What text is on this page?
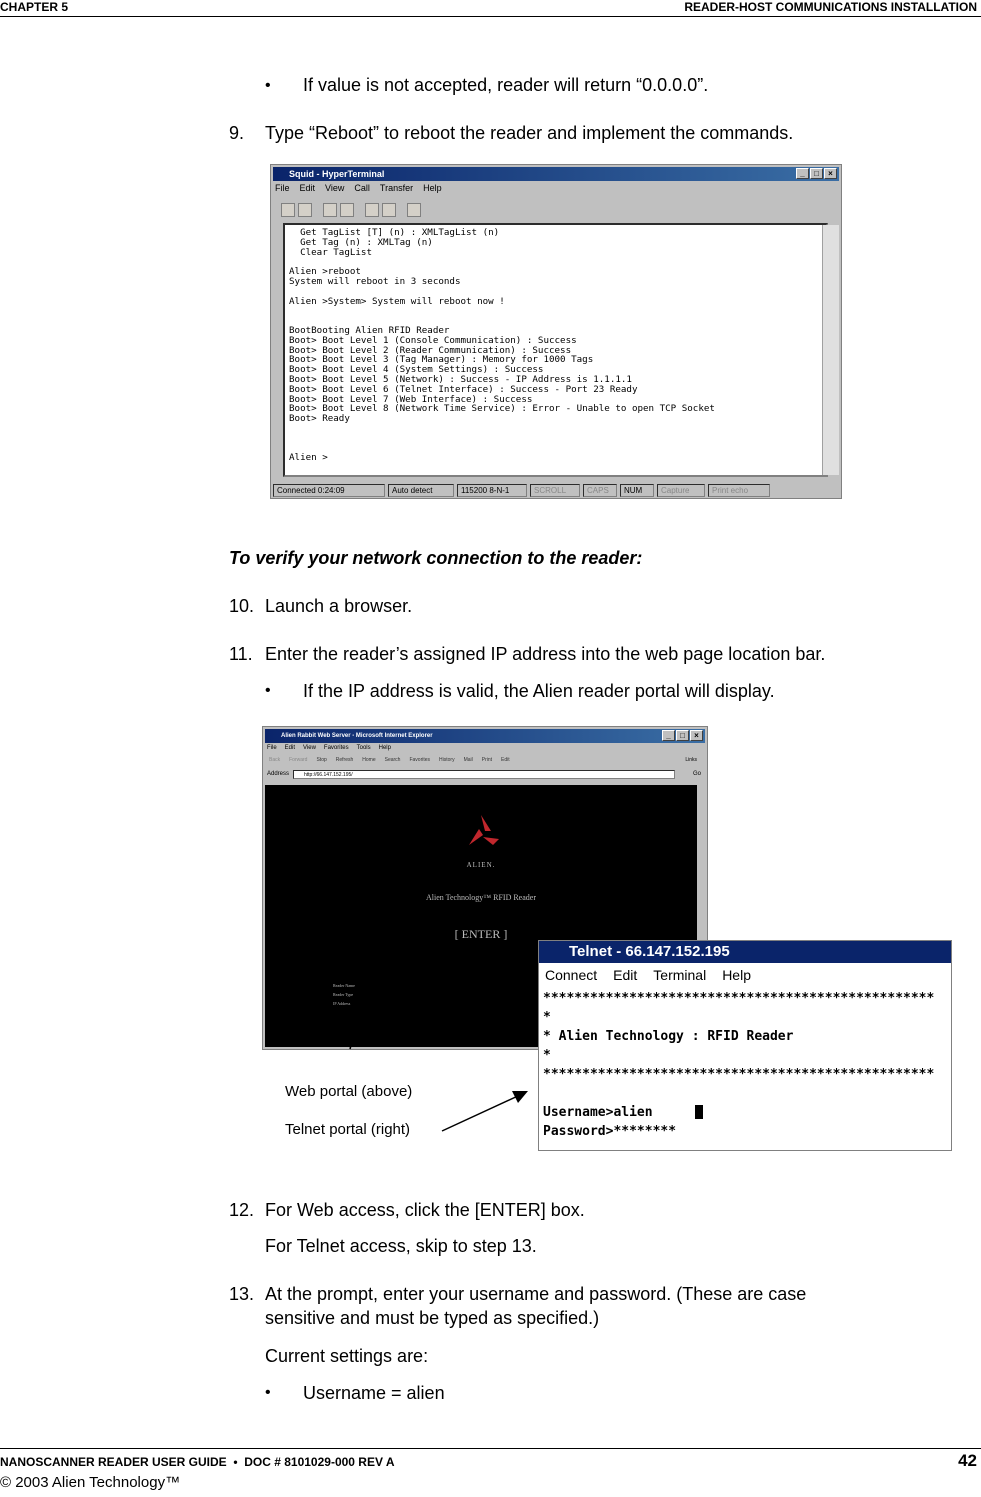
CHAPTER 5	READER-HOST COMMUNICATIONS INSTALLATION
• If value is not accepted, reader will return “0.0.0.0”.
9. Type “Reboot” to reboot the reader and implement the commands.
Squid - HyperTerminal	_	□	×
File Edit View Call Transfer Help
Get TagList [T] (n) : XMLTagList (n)
Get Tag (n) : XMLTag (n)
Clear TagList

Alien >reboot
System will reboot in 3 seconds

Alien >System> System will reboot now !

BootBooting Alien RFID Reader
Boot> Boot Level 1 (Console Communication) : Success
Boot> Boot Level 2 (Reader Communication) : Success
Boot> Boot Level 3 (Tag Manager) : Memory for 1000 Tags
Boot> Boot Level 4 (System Settings) : Success
Boot> Boot Level 5 (Network) : Success - IP Address is 1.1.1.1
Boot> Boot Level 6 (Telnet Interface) : Success - Port 23 Ready
Boot> Boot Level 7 (Web Interface) : Success
Boot> Boot Level 8 (Network Time Service) : Error - Unable to open TCP Socket
Boot> Ready

Alien >
Connected 0:24:09	Auto detect	115200 8-N-1	SCROLL	CAPS	NUM	Capture	Print echo
To verify your network connection to the reader:
10. Launch a browser.
11. Enter the reader’s assigned IP address into the web page location bar.
• If the IP address is valid, the Alien reader portal will display.
Alien Rabbit Web Server - Microsoft Internet Explorer	_	□	×
File Edit View Favorites Tools Help
Back Forward Stop Refresh Home Search Favorites History Mail Print Edit	Links
Address	http://66.147.152.195/	Go
ALIEN.
Alien Technology™ RFID Reader
[ ENTER ]
Reader Name
Reader Type
IP Address
Telnet - 66.147.152.195
Connect Edit Terminal Help
**************************************************
*
* Alien Technology : RFID Reader
*
**************************************************

Username>alien
Password>********
Web portal (above)
Telnet portal (right)
12. For Web access, click the [ENTER] box.
For Telnet access, skip to step 13.
13. At the prompt, enter your username and password. (These are case
sensitive and must be typed as specified.)
Current settings are:
• Username = alien
NANOSCANNER READER USER GUIDE  •  DOC # 8101029-000 REV A	42
© 2003 Alien Technology™
